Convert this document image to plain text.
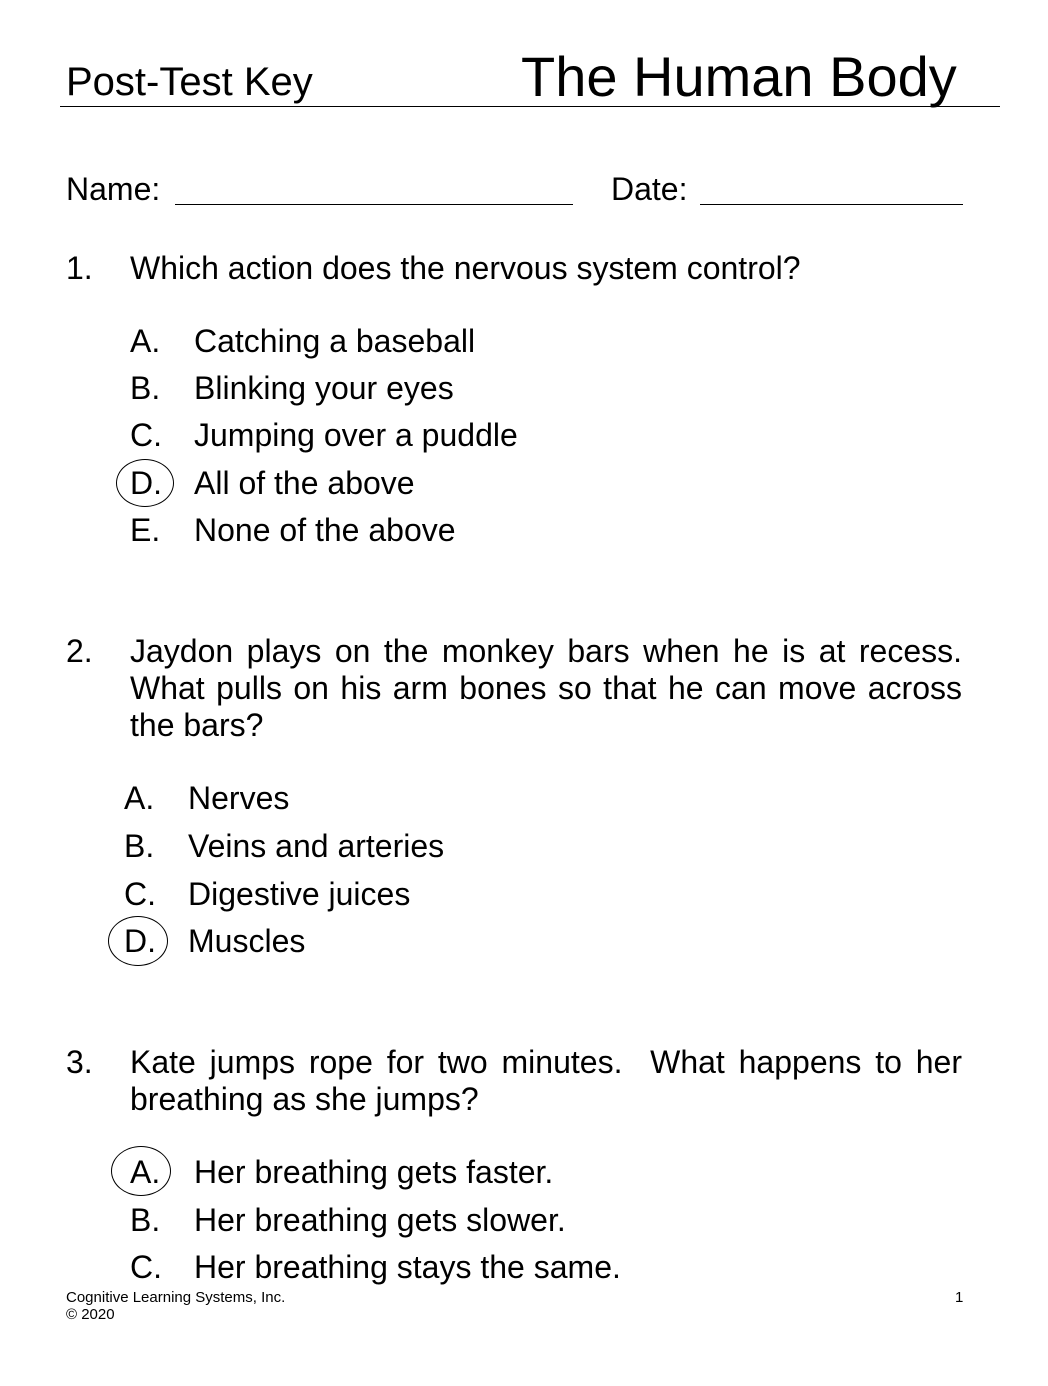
Post-Test Key	The Human Body
Name:	Date:
1. Which action does the nervous system control?
A. Catching a baseball
B. Blinking your eyes
C. Jumping over a puddle
D. All of the above
E. None of the above
2. Jaydon plays on the monkey bars when he is at recess. What pulls on his arm bones so that he can move across the bars?
A. Nerves
B. Veins and arteries
C. Digestive juices
D. Muscles
3. Kate jumps rope for two minutes.  What happens to her breathing as she jumps?
A. Her breathing gets faster.
B. Her breathing gets slower.
C. Her breathing stays the same.
Cognitive Learning Systems, Inc.
© 2020
1
